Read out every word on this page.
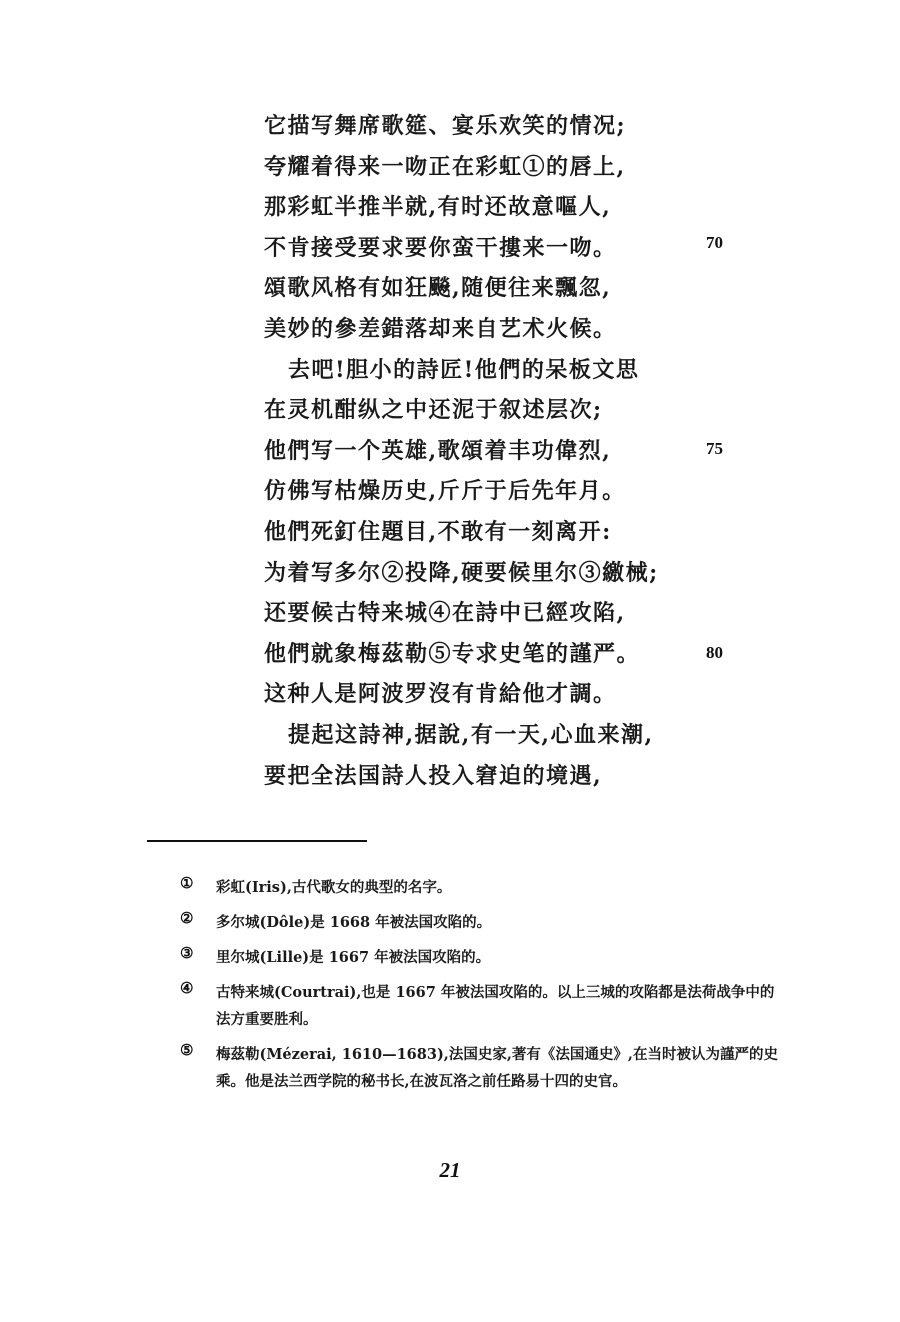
它描写舞席歌筵、宴乐欢笑的情况;
夸耀着得来一吻正在彩虹①的唇上,
那彩虹半推半就,有时还故意嘔人,
不肯接受要求要你蛮干摟来一吻。
頌歌风格有如狂飈,随便往来飄忽,
美妙的參差錯落却来自艺术火候。
去吧!胆小的詩匠!他們的呆板文思
在灵机酣纵之中还泥于叙述层次;
他們写一个英雄,歌頌着丰功偉烈,
仿佛写枯燥历史,斤斤于后先年月。
他們死釘住題目,不敢有一刻离开:
为着写多尔②投降,硬要候里尔③繳械;
还要候古特来城④在詩中已經攻陷,
他們就象梅茲勒⑤专求史笔的謹严。
这种人是阿波罗沒有肯給他才調。
提起这詩神,据說,有一天,心血来潮,
要把全法国詩人投入窘迫的境遇,
70
75
80
① 彩虹(Iris),古代歌女的典型的名字。
② 多尔城(Dôle)是 1668 年被法国攻陷的。
③ 里尔城(Lille)是 1667 年被法国攻陷的。
④ 古特来城(Courtrai),也是 1667 年被法国攻陷的。以上三城的攻陷都是法荷战争中的法方重要胜利。
⑤ 梅茲勒(Mézerai, 1610—1683),法国史家,著有《法国通史》,在当时被认为謹严的史乘。他是法兰西学院的秘书长,在波瓦洛之前任路易十四的史官。
21
